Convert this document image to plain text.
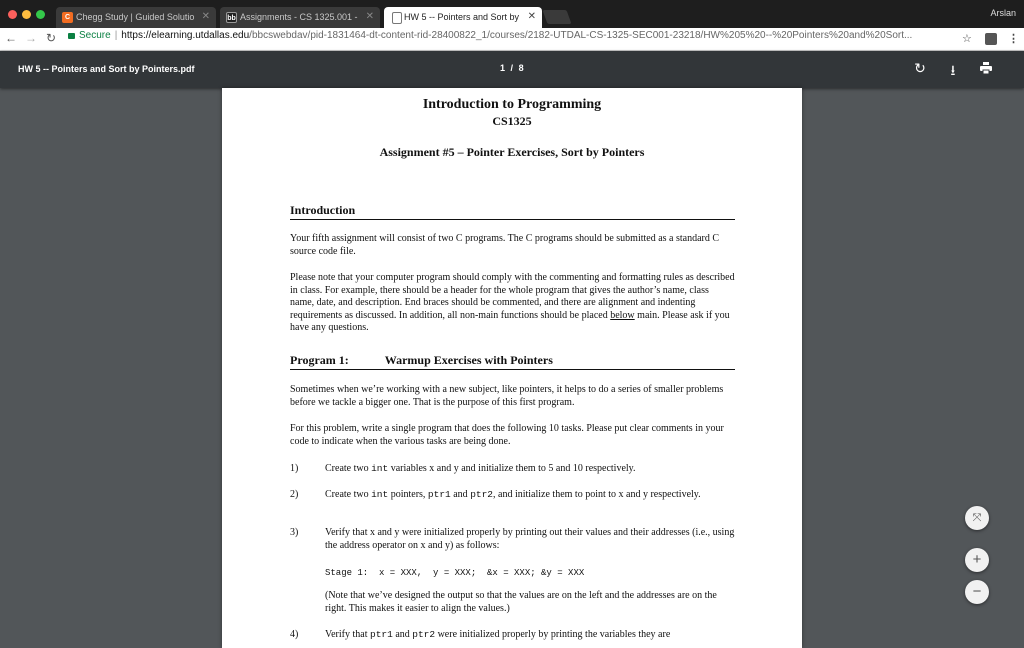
C Chegg Study | Guided Solutio ✕ bb Assignments - CS 1325.001 - ✕	HW 5 -- Pointers and Sort by ✕	Arslan
← → ↻	Secure | https://elearning.utdallas.edu/bbcswebdav/pid-1831464-dt-content-rid-28400822_1/courses/2182-UTDAL-CS-1325-SEC001-23218/HW%205%20--%20Pointers%20and%20Sort...	☆	⋮
HW 5 -- Pointers and Sort by Pointers.pdf	1 / 8	↻	⭳
Introduction to Programming
CS1325
Assignment #5 – Pointer Exercises, Sort by Pointers
Introduction
Your fifth assignment will consist of two C programs. The C programs should be submitted as a standard C source code file.
Please note that your computer program should comply with the commenting and formatting rules as described in class. For example, there should be a header for the whole program that gives the author’s name, class name, date, and description. End braces should be commented, and there are alignment and indenting requirements as discussed. In addition, all non-main functions should be placed below main. Please ask if you have any questions.
Program 1:	Warmup Exercises with Pointers
Sometimes when we’re working with a new subject, like pointers, it helps to do a series of smaller problems before we tackle a bigger one. That is the purpose of this first program.
For this problem, write a single program that does the following 10 tasks. Please put clear comments in your code to indicate when the various tasks are being done.
1)	Create two int variables x and y and initialize them to 5 and 10 respectively.
2)	Create two int pointers, ptr1 and ptr2, and initialize them to point to x and y respectively.
3)	Verify that x and y were initialized properly by printing out their values and their addresses (i.e., using the address operator on x and y) as follows:
Stage 1:  x = XXX,  y = XXX;  &x = XXX; &y = XXX
(Note that we’ve designed the output so that the values are on the left and the addresses are on the right. This makes it easier to align the values.)
4)	Verify that ptr1 and ptr2 were initialized properly by printing the variables they are
⤧
+
−
